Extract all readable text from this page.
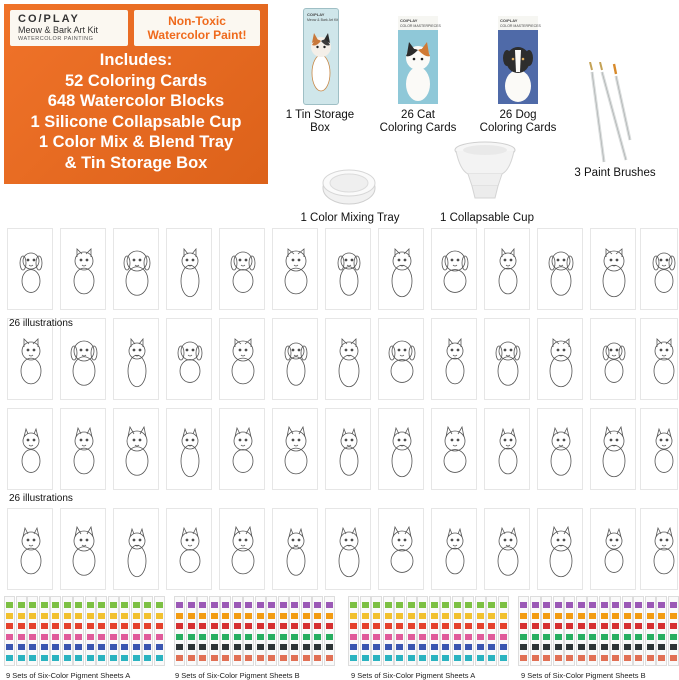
CO/PLAY
Meow & Bark Art Kit
WATERCOLOR PAINTING
Non-Toxic
Watercolor Paint!
Includes:
52 Coloring Cards
648 Watercolor Blocks
1 Silicone Collapsable Cup
1 Color Mix & Blend Tray
& Tin Storage Box
CO/PLAY
Meow & Bark Art Kit
1 Tin Storage
Box
CO/PLAY
COLOR MASTERPIECES
26 Cat
Coloring Cards
CO/PLAY
COLOR MASTERPIECES
26 Dog
Coloring Cards
3 Paint Brushes
1 Color Mixing Tray	1 Collapsable Cup
26 illustrations
26 illustrations
9 Sets of Six-Color Pigment Sheets A	9 Sets of Six-Color Pigment Sheets B	9 Sets of Six-Color Pigment Sheets A	9 Sets of Six-Color Pigment Sheets B
